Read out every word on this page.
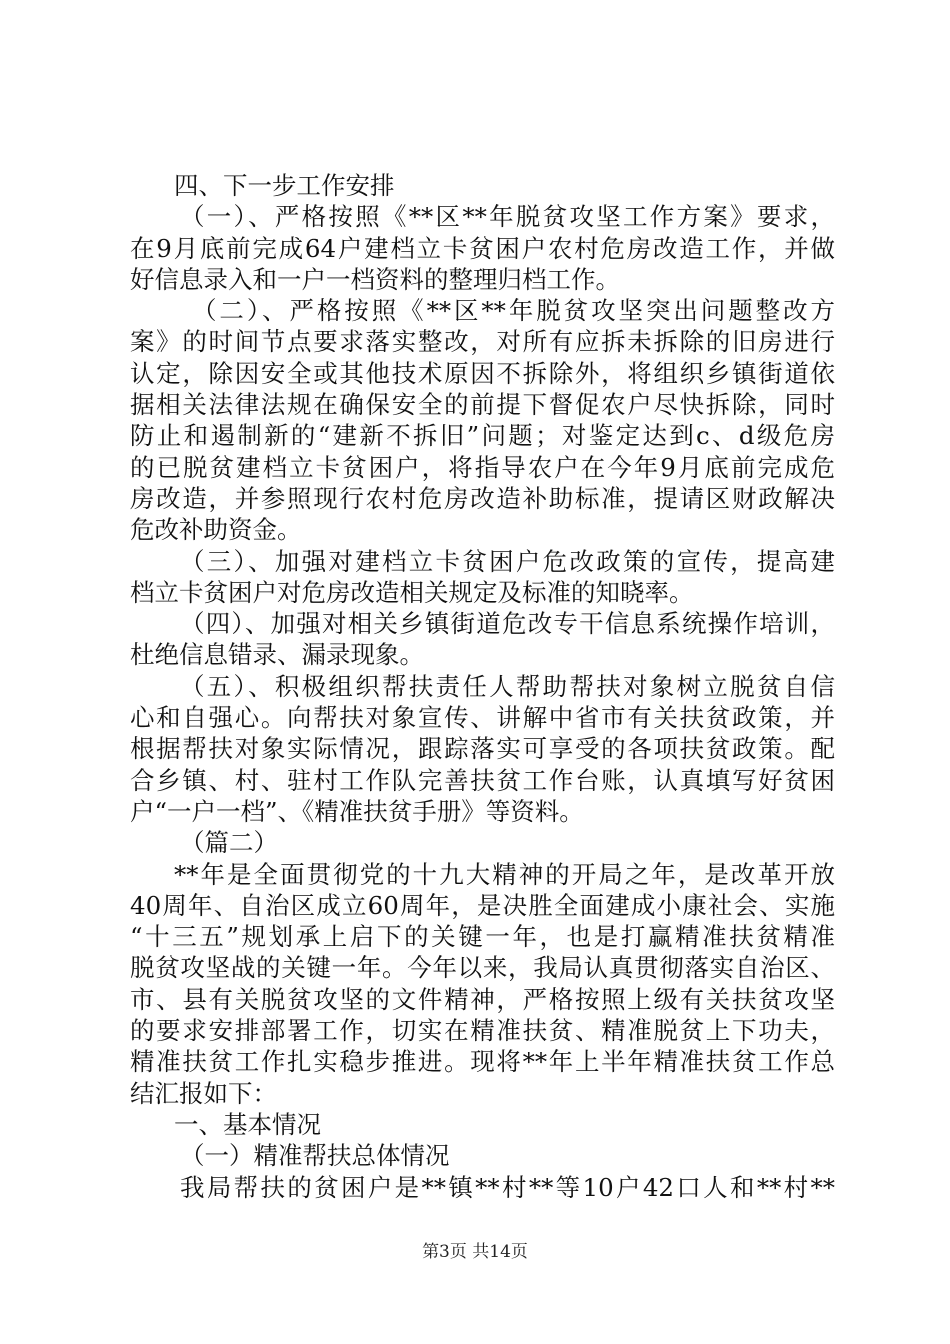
四、下一步工作安排
（一）、严格按照《**区**年脱贫攻坚工作方案》要求，
在9月底前完成64户建档立卡贫困户农村危房改造工作，并做
好信息录入和一户一档资料的整理归档工作。
（二）、严格按照《**区**年脱贫攻坚突出问题整改方
案》的时间节点要求落实整改，对所有应拆未拆除的旧房进行
认定，除因安全或其他技术原因不拆除外，将组织乡镇街道依
据相关法律法规在确保安全的前提下督促农户尽快拆除，同时
防止和遏制新的“建新不拆旧”问题；对鉴定达到c、d级危房
的已脱贫建档立卡贫困户，将指导农户在今年9月底前完成危
房改造，并参照现行农村危房改造补助标准，提请区财政解决
危改补助资金。
（三）、加强对建档立卡贫困户危改政策的宣传，提高建
档立卡贫困户对危房改造相关规定及标准的知晓率。
（四）、加强对相关乡镇街道危改专干信息系统操作培训，
杜绝信息错录、漏录现象。
（五）、积极组织帮扶责任人帮助帮扶对象树立脱贫自信
心和自强心。向帮扶对象宣传、讲解中省市有关扶贫政策，并
根据帮扶对象实际情况，跟踪落实可享受的各项扶贫政策。配
合乡镇、村、驻村工作队完善扶贫工作台账，认真填写好贫困
户“一户一档”、《精准扶贫手册》等资料。
（篇二）
**年是全面贯彻党的十九大精神的开局之年，是改革开放
40周年、自治区成立60周年，是决胜全面建成小康社会、实施
“十三五”规划承上启下的关键一年，也是打赢精准扶贫精准
脱贫攻坚战的关键一年。今年以来，我局认真贯彻落实自治区、
市、县有关脱贫攻坚的文件精神，严格按照上级有关扶贫攻坚
的要求安排部署工作，切实在精准扶贫、精准脱贫上下功夫，
精准扶贫工作扎实稳步推进。现将**年上半年精准扶贫工作总
结汇报如下：
一、基本情况
（一）精准帮扶总体情况
我局帮扶的贫困户是**镇**村**等10户42口人和**村**
第3页 共14页
